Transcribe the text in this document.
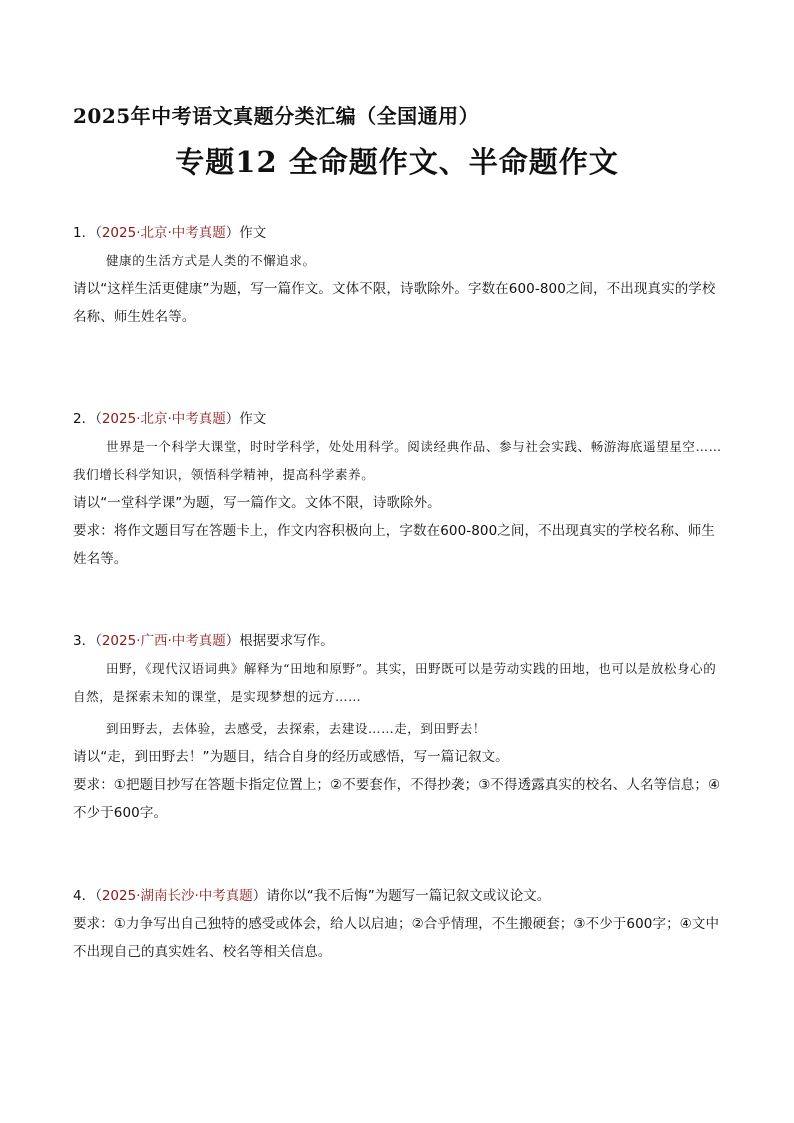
2025年中考语文真题分类汇编（全国通用）
专题12 全命题作文、半命题作文
1．（2025·北京·中考真题）作文

健康的生活方式是人类的不懈追求。

请以“这样生活更健康”为题，写一篇作文。文体不限，诗歌除外。字数在600-800之间，不出现真实的学校名称、师生姓名等。

2．（2025·北京·中考真题）作文

世界是一个科学大课堂，时时学科学，处处用科学。阅读经典作品、参与社会实践、畅游海底遥望星空……我们增长科学知识，领悟科学精神，提高科学素养。

请以“一堂科学课”为题，写一篇作文。文体不限，诗歌除外。

要求：将作文题目写在答题卡上，作文内容积极向上，字数在600-800之间，不出现真实的学校名称、师生姓名等。

3．（2025·广西·中考真题）根据要求写作。

田野，《现代汉语词典》解释为“田地和原野”。其实，田野既可以是劳动实践的田地，也可以是放松身心的自然，是探索未知的课堂，是实现梦想的远方……

到田野去，去体验，去感受，去探索，去建设……走，到田野去！

请以“走，到田野去！”为题目，结合自身的经历或感悟，写一篇记叙文。

要求：①把题目抄写在答题卡指定位置上；②不要套作，不得抄袭；③不得透露真实的校名、人名等信息；④不少于600字。

4．（2025·湖南长沙·中考真题）请你以“我不后悔”为题写一篇记叙文或议论文。

要求：①力争写出自己独特的感受或体会，给人以启迪；②合乎情理，不生搬硬套；③不少于600字；④文中不出现自己的真实姓名、校名等相关信息。
